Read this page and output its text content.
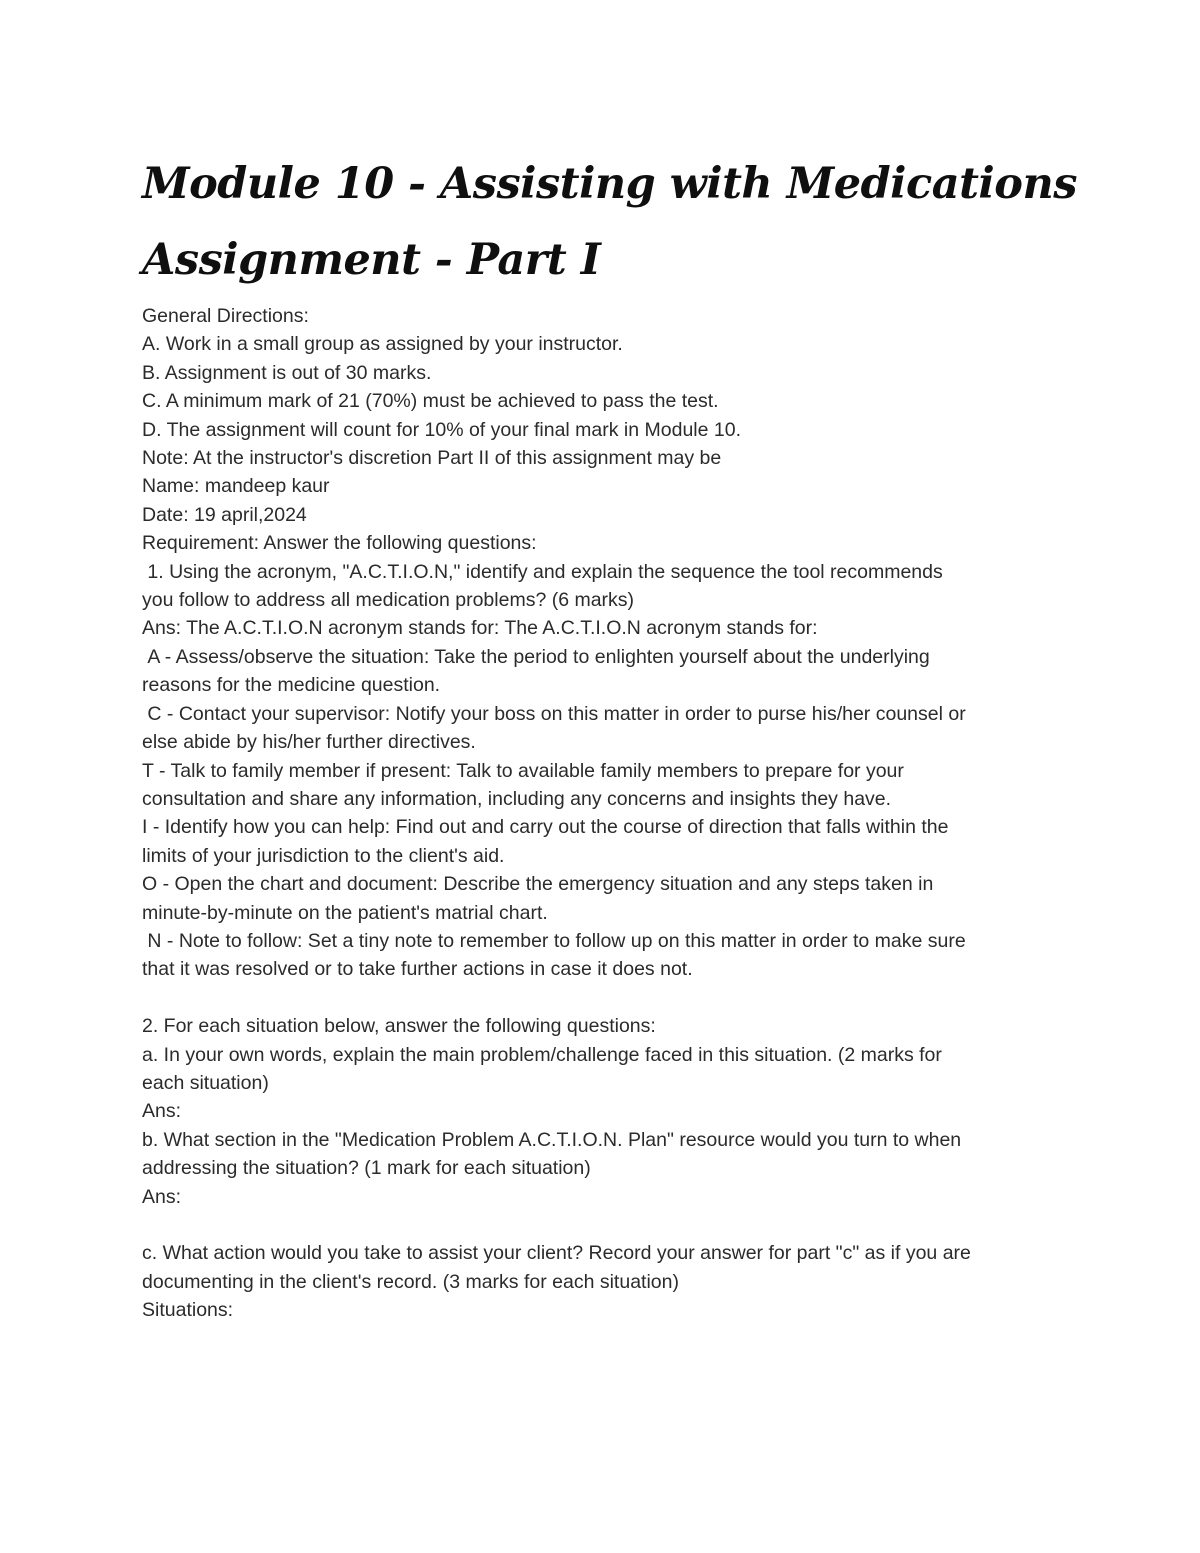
Module 10 - Assisting with Medications
Assignment - Part I
General Directions:
A. Work in a small group as assigned by your instructor.
B. Assignment is out of 30 marks.
C. A minimum mark of 21 (70%) must be achieved to pass the test.
D. The assignment will count for 10% of your final mark in Module 10.
Note: At the instructor's discretion Part II of this assignment may be
Name: mandeep kaur
Date: 19 april,2024
Requirement: Answer the following questions:
1. Using the acronym, "A.C.T.I.O.N," identify and explain the sequence the tool recommends
you follow to address all medication problems? (6 marks)
Ans: The A.C.T.I.O.N acronym stands for: The A.C.T.I.O.N acronym stands for:
A - Assess/observe the situation: Take the period to enlighten yourself about the underlying
reasons for the medicine question.
C - Contact your supervisor: Notify your boss on this matter in order to purse his/her counsel or
else abide by his/her further directives.
T - Talk to family member if present: Talk to available family members to prepare for your
consultation and share any information, including any concerns and insights they have.
I - Identify how you can help: Find out and carry out the course of direction that falls within the
limits of your jurisdiction to the client's aid.
O - Open the chart and document: Describe the emergency situation and any steps taken in
minute-by-minute on the patient's matrial chart.
N - Note to follow: Set a tiny note to remember to follow up on this matter in order to make sure
that it was resolved or to take further actions in case it does not.
2. For each situation below, answer the following questions:
a. In your own words, explain the main problem/challenge faced in this situation. (2 marks for
each situation)
Ans:
b. What section in the "Medication Problem A.C.T.I.O.N. Plan" resource would you turn to when
addressing the situation? (1 mark for each situation)
Ans:
c. What action would you take to assist your client? Record your answer for part "c" as if you are
documenting in the client's record. (3 marks for each situation)
Situations:
